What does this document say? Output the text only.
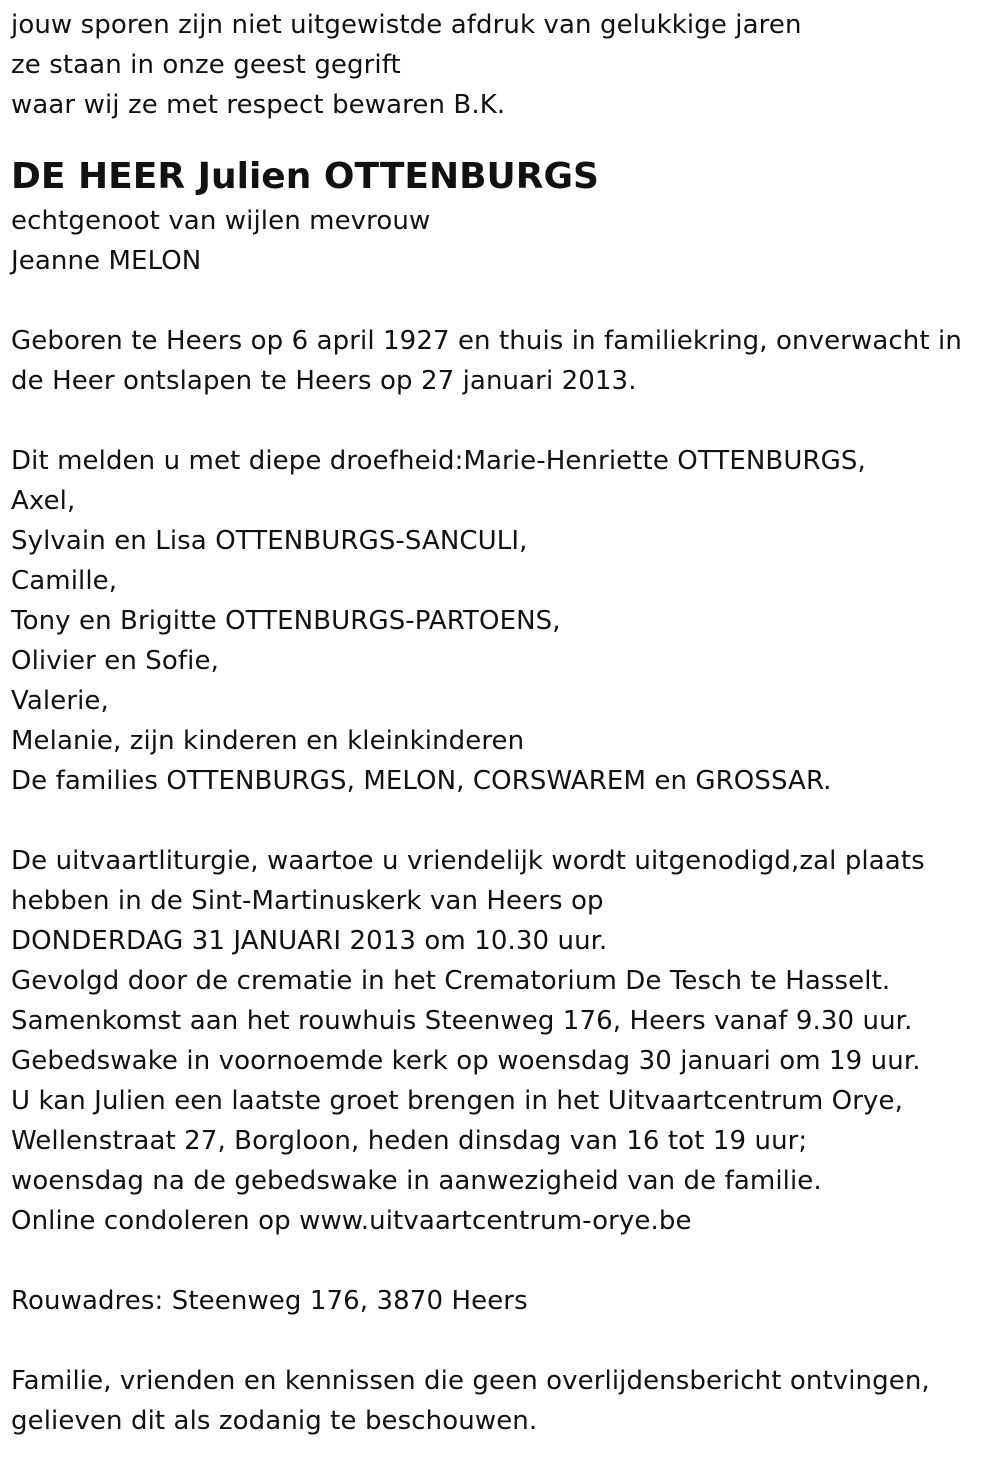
jouw sporen zijn niet uitgewistde afdruk van gelukkige jaren
ze staan in onze geest gegrift
waar wij ze met respect bewaren B.K.
DE HEER Julien OTTENBURGS
echtgenoot van wijlen mevrouw
Jeanne MELON
Geboren te Heers op 6 april 1927 en thuis in familiekring, onverwacht in
de Heer ontslapen te Heers op 27 januari 2013.
Dit melden u met diepe droefheid:Marie-Henriette OTTENBURGS,
Axel,
Sylvain en Lisa OTTENBURGS-SANCULI,
Camille,
Tony en Brigitte OTTENBURGS-PARTOENS,
Olivier en Sofie,
Valerie,
Melanie, zijn kinderen en kleinkinderen
De families OTTENBURGS, MELON, CORSWAREM en GROSSAR.
De uitvaartliturgie, waartoe u vriendelijk wordt uitgenodigd,zal plaats
hebben in de Sint-Martinuskerk van Heers op
DONDERDAG 31 JANUARI 2013 om 10.30 uur.
Gevolgd door de crematie in het Crematorium De Tesch te Hasselt.
Samenkomst aan het rouwhuis Steenweg 176, Heers vanaf 9.30 uur.
Gebedswake in voornoemde kerk op woensdag 30 januari om 19 uur.
U kan Julien een laatste groet brengen in het Uitvaartcentrum Orye,
Wellenstraat 27, Borgloon, heden dinsdag van 16 tot 19 uur;
woensdag na de gebedswake in aanwezigheid van de familie.
Online condoleren op www.uitvaartcentrum-orye.be
Rouwadres: Steenweg 176, 3870 Heers
Familie, vrienden en kennissen die geen overlijdensbericht ontvingen,
gelieven dit als zodanig te beschouwen.
